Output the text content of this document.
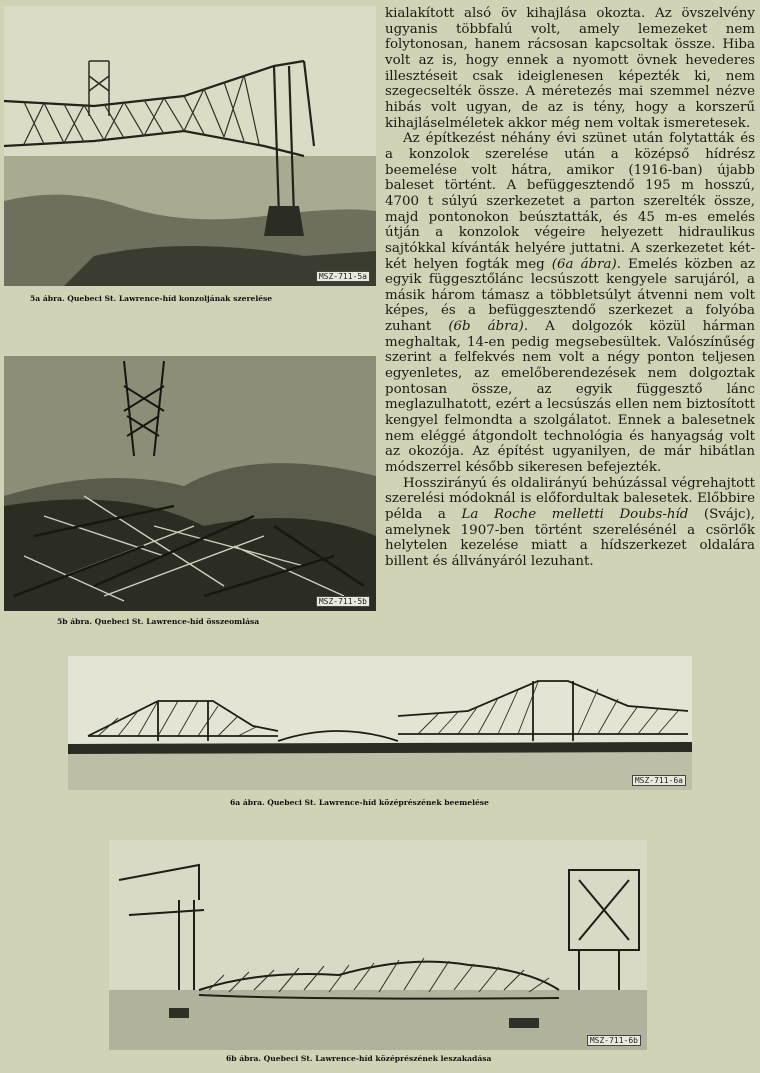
MSZ-711-5a
5a ábra. Quebeci St. Lawrence-híd konzoljának szerelése
MSZ-711-5b
5b ábra. Quebeci St. Lawrence-híd összeomlása
MSZ-711-6a
6a ábra. Quebeci St. Lawrence-híd középrészének beemelése
MSZ-711-6b
6b ábra. Quebeci St. Lawrence-híd középrészének leszakadása

kialakított alsó öv kihajlása okozta. Az övszelvény ugyanis többfalú volt, amely lemezeket nem folytonosan, hanem rácsosan kapcsoltak össze. Hiba volt az is, hogy ennek a nyomott övnek hevederes illesztéseit csak ideiglenesen képezték ki, nem szegecselték össze. A méretezés mai szemmel nézve hibás volt ugyan, de az is tény, hogy a korszerű kihajláselméletek akkor még nem voltak ismeretesek.

Az építkezést néhány évi szünet után folytatták és a konzolok szerelése után a középső hídrész beemelése volt hátra, amikor (1916-ban) újabb baleset történt. A befüggesztendő 195 m hosszú, 4700 t súlyú szerkezetet a parton szerelték össze, majd pontonokon beúsztatták, és 45 m-es emelés útján a konzolok végeire helyezett hidraulikus sajtókkal kívánták helyére juttatni. A szerkezetet két-két helyen fogták meg (6a ábra). Emelés közben az egyik függesztőlánc lecsúszott kengyele sarujáról, a másik három támasz a többletsúlyt átvenni nem volt képes, és a befüggesztendő szerkezet a folyóba zuhant (6b ábra). A dolgozók közül hárman meghaltak, 14-en pedig megsebesültek. Valószínűség szerint a felfekvés nem volt a négy ponton teljesen egyenletes, az emelőberendezések nem dolgoztak pontosan össze, az egyik függesztő lánc meglazulhatott, ezért a lecsúszás ellen nem biztosított kengyel felmondta a szolgálatot. Ennek a balesetnek nem eléggé átgondolt technológia és hanyagság volt az okozója. Az építést ugyanilyen, de már hibátlan módszerrel később sikeresen befejezték.

Hosszirányú és oldalirányú behúzással végrehajtott szerelési módoknál is előfordultak balesetek. Előbbire példa a La Roche melletti Doubs-híd (Svájc), amelynek 1907-ben történt szerelésénél a csörlők helytelen kezelése miatt a hídszerkezet oldalára billent és állványáról lezuhant.
